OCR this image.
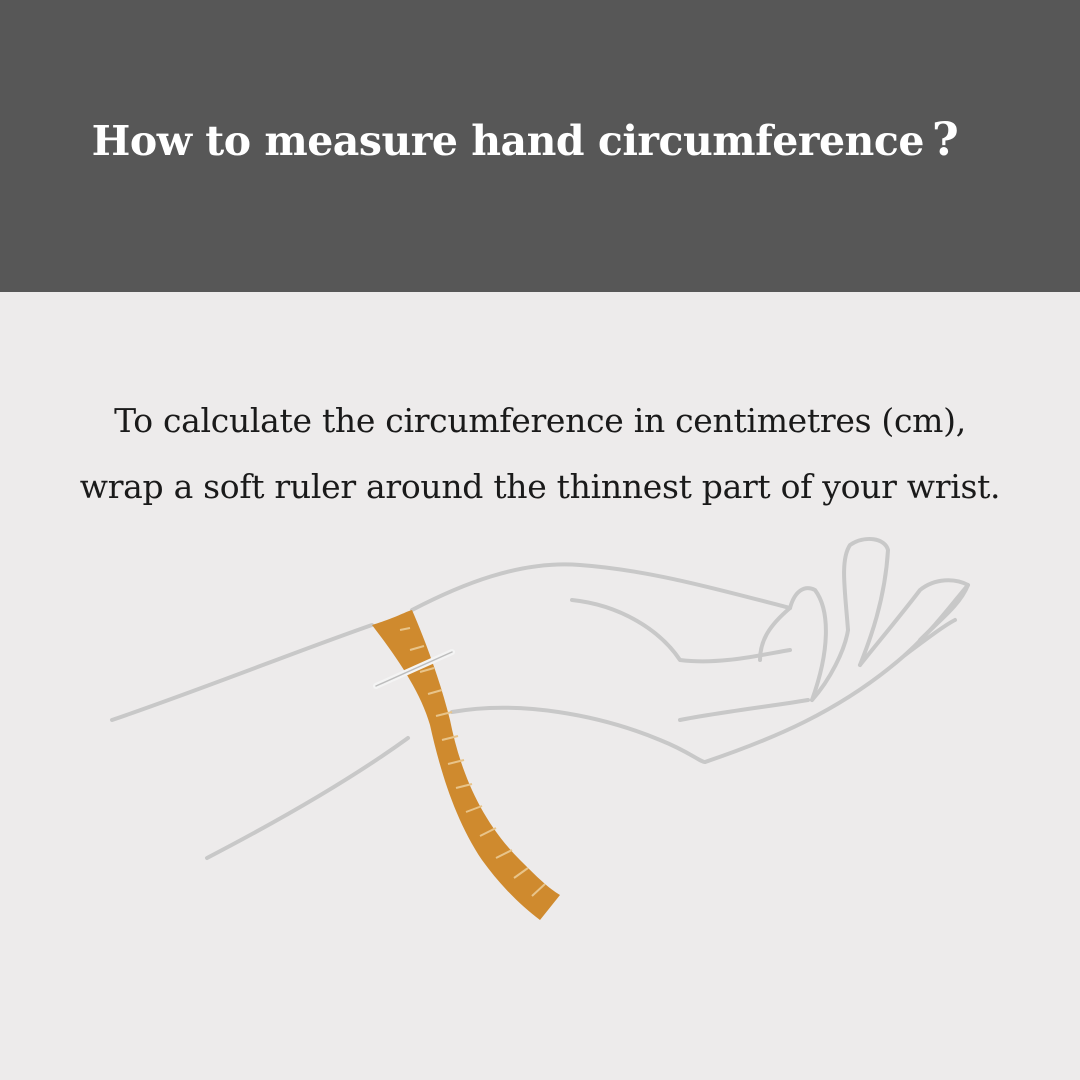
How to measure hand circumference ?

To calculate the circumference in centimetres (cm),
wrap a soft ruler around the thinnest part of your wrist.
